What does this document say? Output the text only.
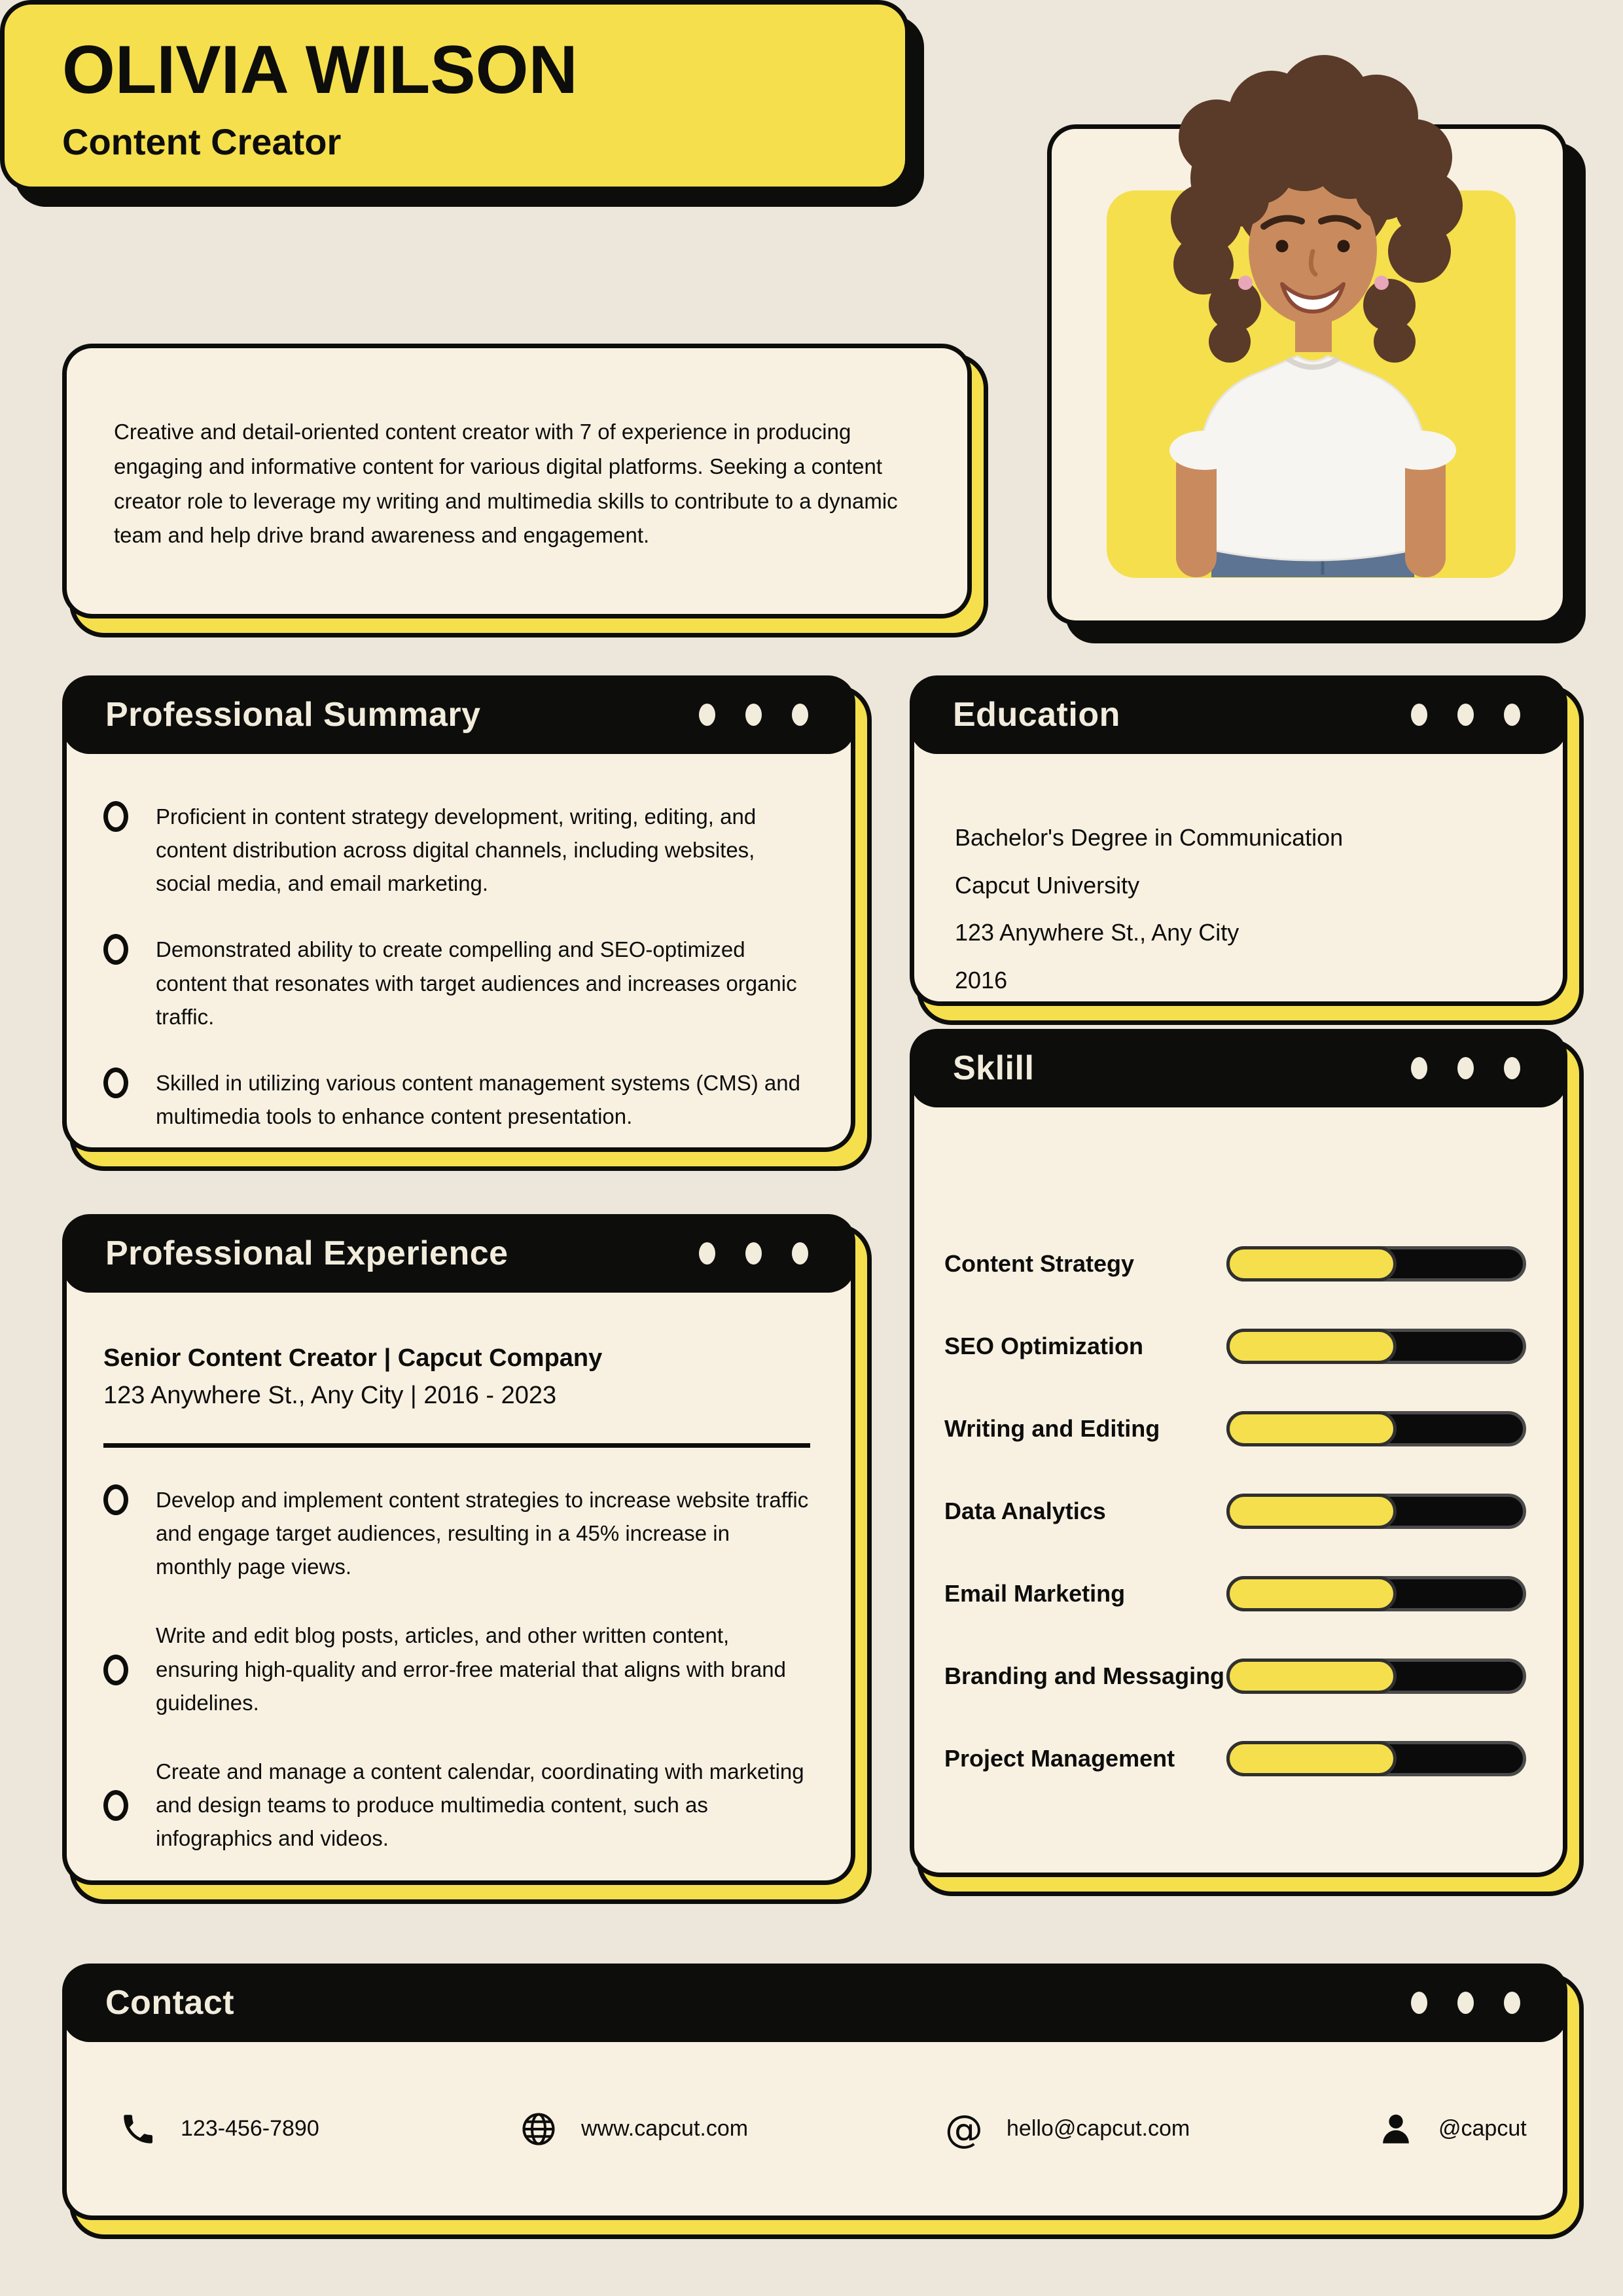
OLIVIA WILSON
Content Creator

Creative and detail-oriented content creator with 7 of experience in producing engaging and informative content for various digital platforms. Seeking a content creator role to leverage my writing and multimedia skills to contribute to a dynamic team and help drive brand awareness and engagement.

Professional Summary
Proficient in content strategy development, writing, editing, and content distribution across digital channels, including websites, social media, and email marketing.
Demonstrated ability to create compelling and SEO-optimized content that resonates with target audiences and increases organic traffic.
Skilled in utilizing various content management systems (CMS) and multimedia tools to enhance content presentation.
Education
Bachelor's Degree in Communication
Capcut University
123 Anywhere St., Any City
2016
Sklill
Content Strategy
SEO Optimization
Writing and Editing
Data Analytics
Email Marketing
Branding and Messaging
Project Management
Professional Experience
Senior Content Creator | Capcut Company
123 Anywhere St., Any City | 2016 - 2023
Develop and implement content strategies to increase website traffic and engage target audiences, resulting in a 45% increase in monthly page views.
Write and edit blog posts, articles, and other written content, ensuring high-quality and error-free material that aligns with brand guidelines.
Create and manage a content calendar, coordinating with marketing and design teams to produce multimedia content, such as infographics and videos.
Contact
123-456-7890	www.capcut.com	@ hello@capcut.com	@capcut
